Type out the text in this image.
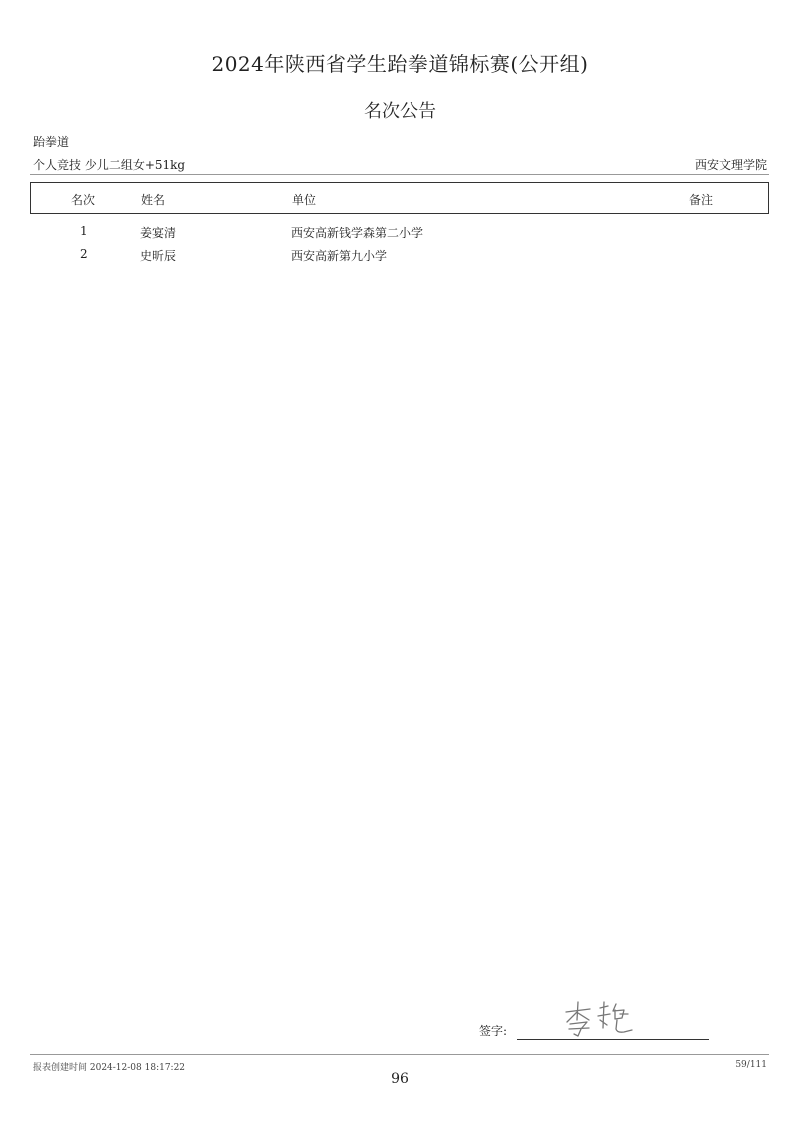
2024年陕西省学生跆拳道锦标赛(公开组)
名次公告
跆拳道
个人竞技 少儿二组女+51kg	西安文理学院
名次	姓名	单位	备注
1	姜宴清	西安高新钱学森第二小学
2	史昕辰	西安高新第九小学
签字:
报表创建时间 2024-12-08 18:17:22	59/111
96
